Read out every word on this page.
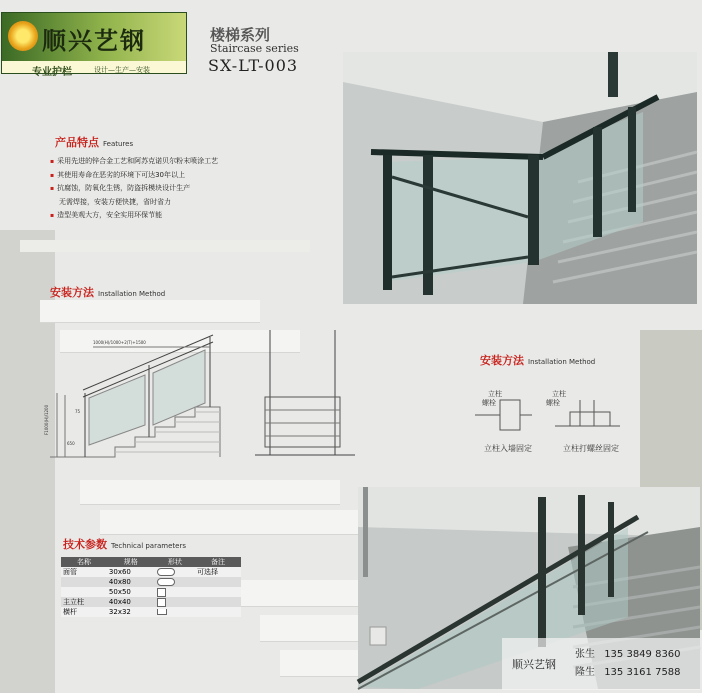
顺兴艺钢
专业护栏	设计—生产—安装
楼梯系列
Staircase series
SX-LT-003
产品特点 Features
▪ 采用先进的锌合金工艺和阿苏克诺贝尔粉末喷涂工艺
▪ 其使用寿命在恶劣的环境下可达30年以上
▪ 抗腐蚀，防氧化生锈，防盗拆模块设计生产
无需焊接，安装方便快捷，省时省力
▪ 造型美观大方，安全实用环保节能
安装方法 Installation Method
1000(H)/1000+2(T)+1500
75
F1000(H)/1200
650
安装方法 Installation Method
立柱
螺栓
立柱入墙固定
立柱
螺栓
立柱打螺丝固定
技术参数 Technical parameters
名称	规格	形状	备注
面管	30x60		可选择
	40x80		
	50x50		
主立柱	40x40		
横杆	32x32		
顺兴艺钢
张生 135 3849 8360
隆生 135 3161 7588
